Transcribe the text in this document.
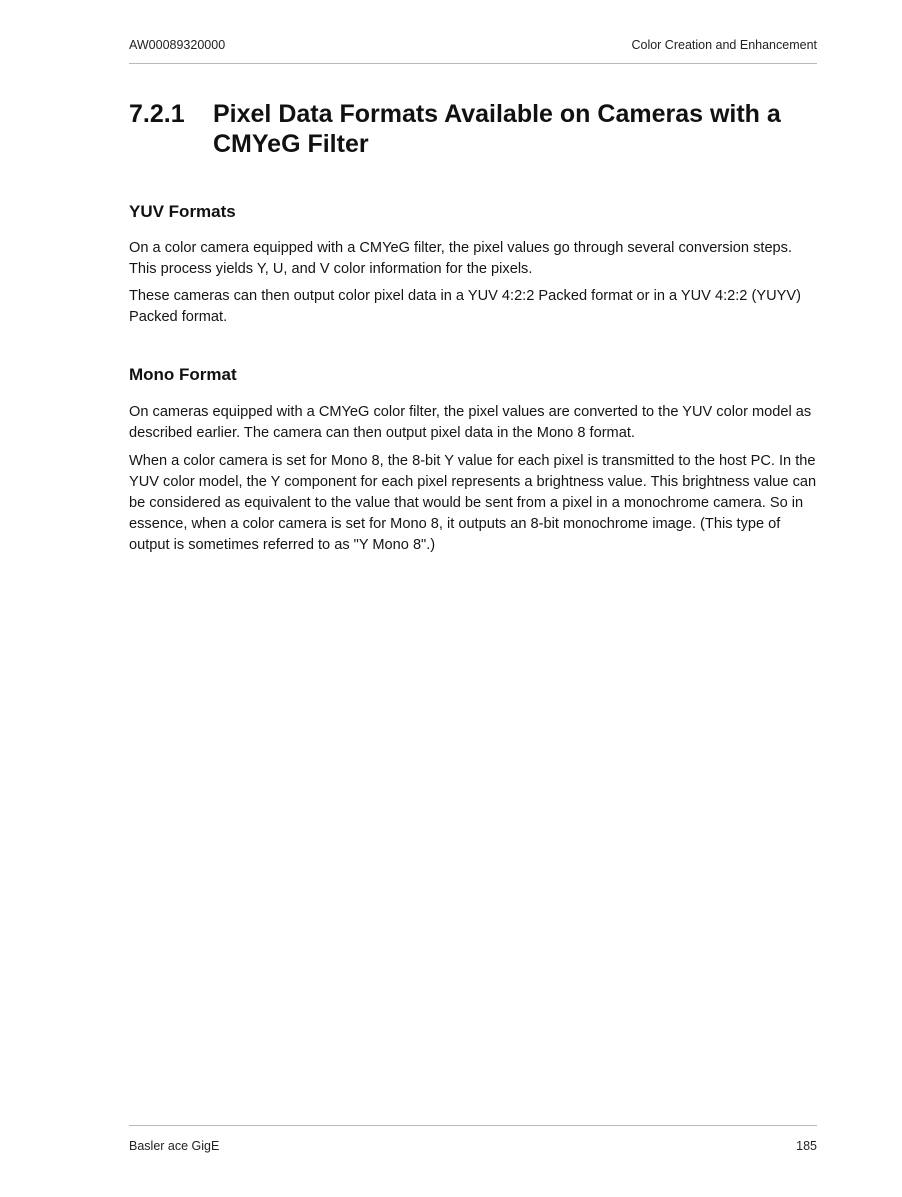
AW00089320000	Color Creation and Enhancement
7.2.1 Pixel Data Formats Available on Cameras with a CMYeG Filter
YUV Formats
On a color camera equipped with a CMYeG filter, the pixel values go through several conversion steps. This process yields Y, U, and V color information for the pixels.
These cameras can then output color pixel data in a YUV 4:2:2 Packed format or in a YUV 4:2:2 (YUYV) Packed format.
Mono Format
On cameras equipped with a CMYeG color filter, the pixel values are converted to the YUV color model as described earlier. The camera can then output pixel data in the Mono 8 format.
When a color camera is set for Mono 8, the 8-bit Y value for each pixel is transmitted to the host PC. In the YUV color model, the Y component for each pixel represents a brightness value. This brightness value can be considered as equivalent to the value that would be sent from a pixel in a monochrome camera. So in essence, when a color camera is set for Mono 8, it outputs an 8-bit monochrome image. (This type of output is sometimes referred to as "Y Mono 8".)
Basler ace GigE	185
